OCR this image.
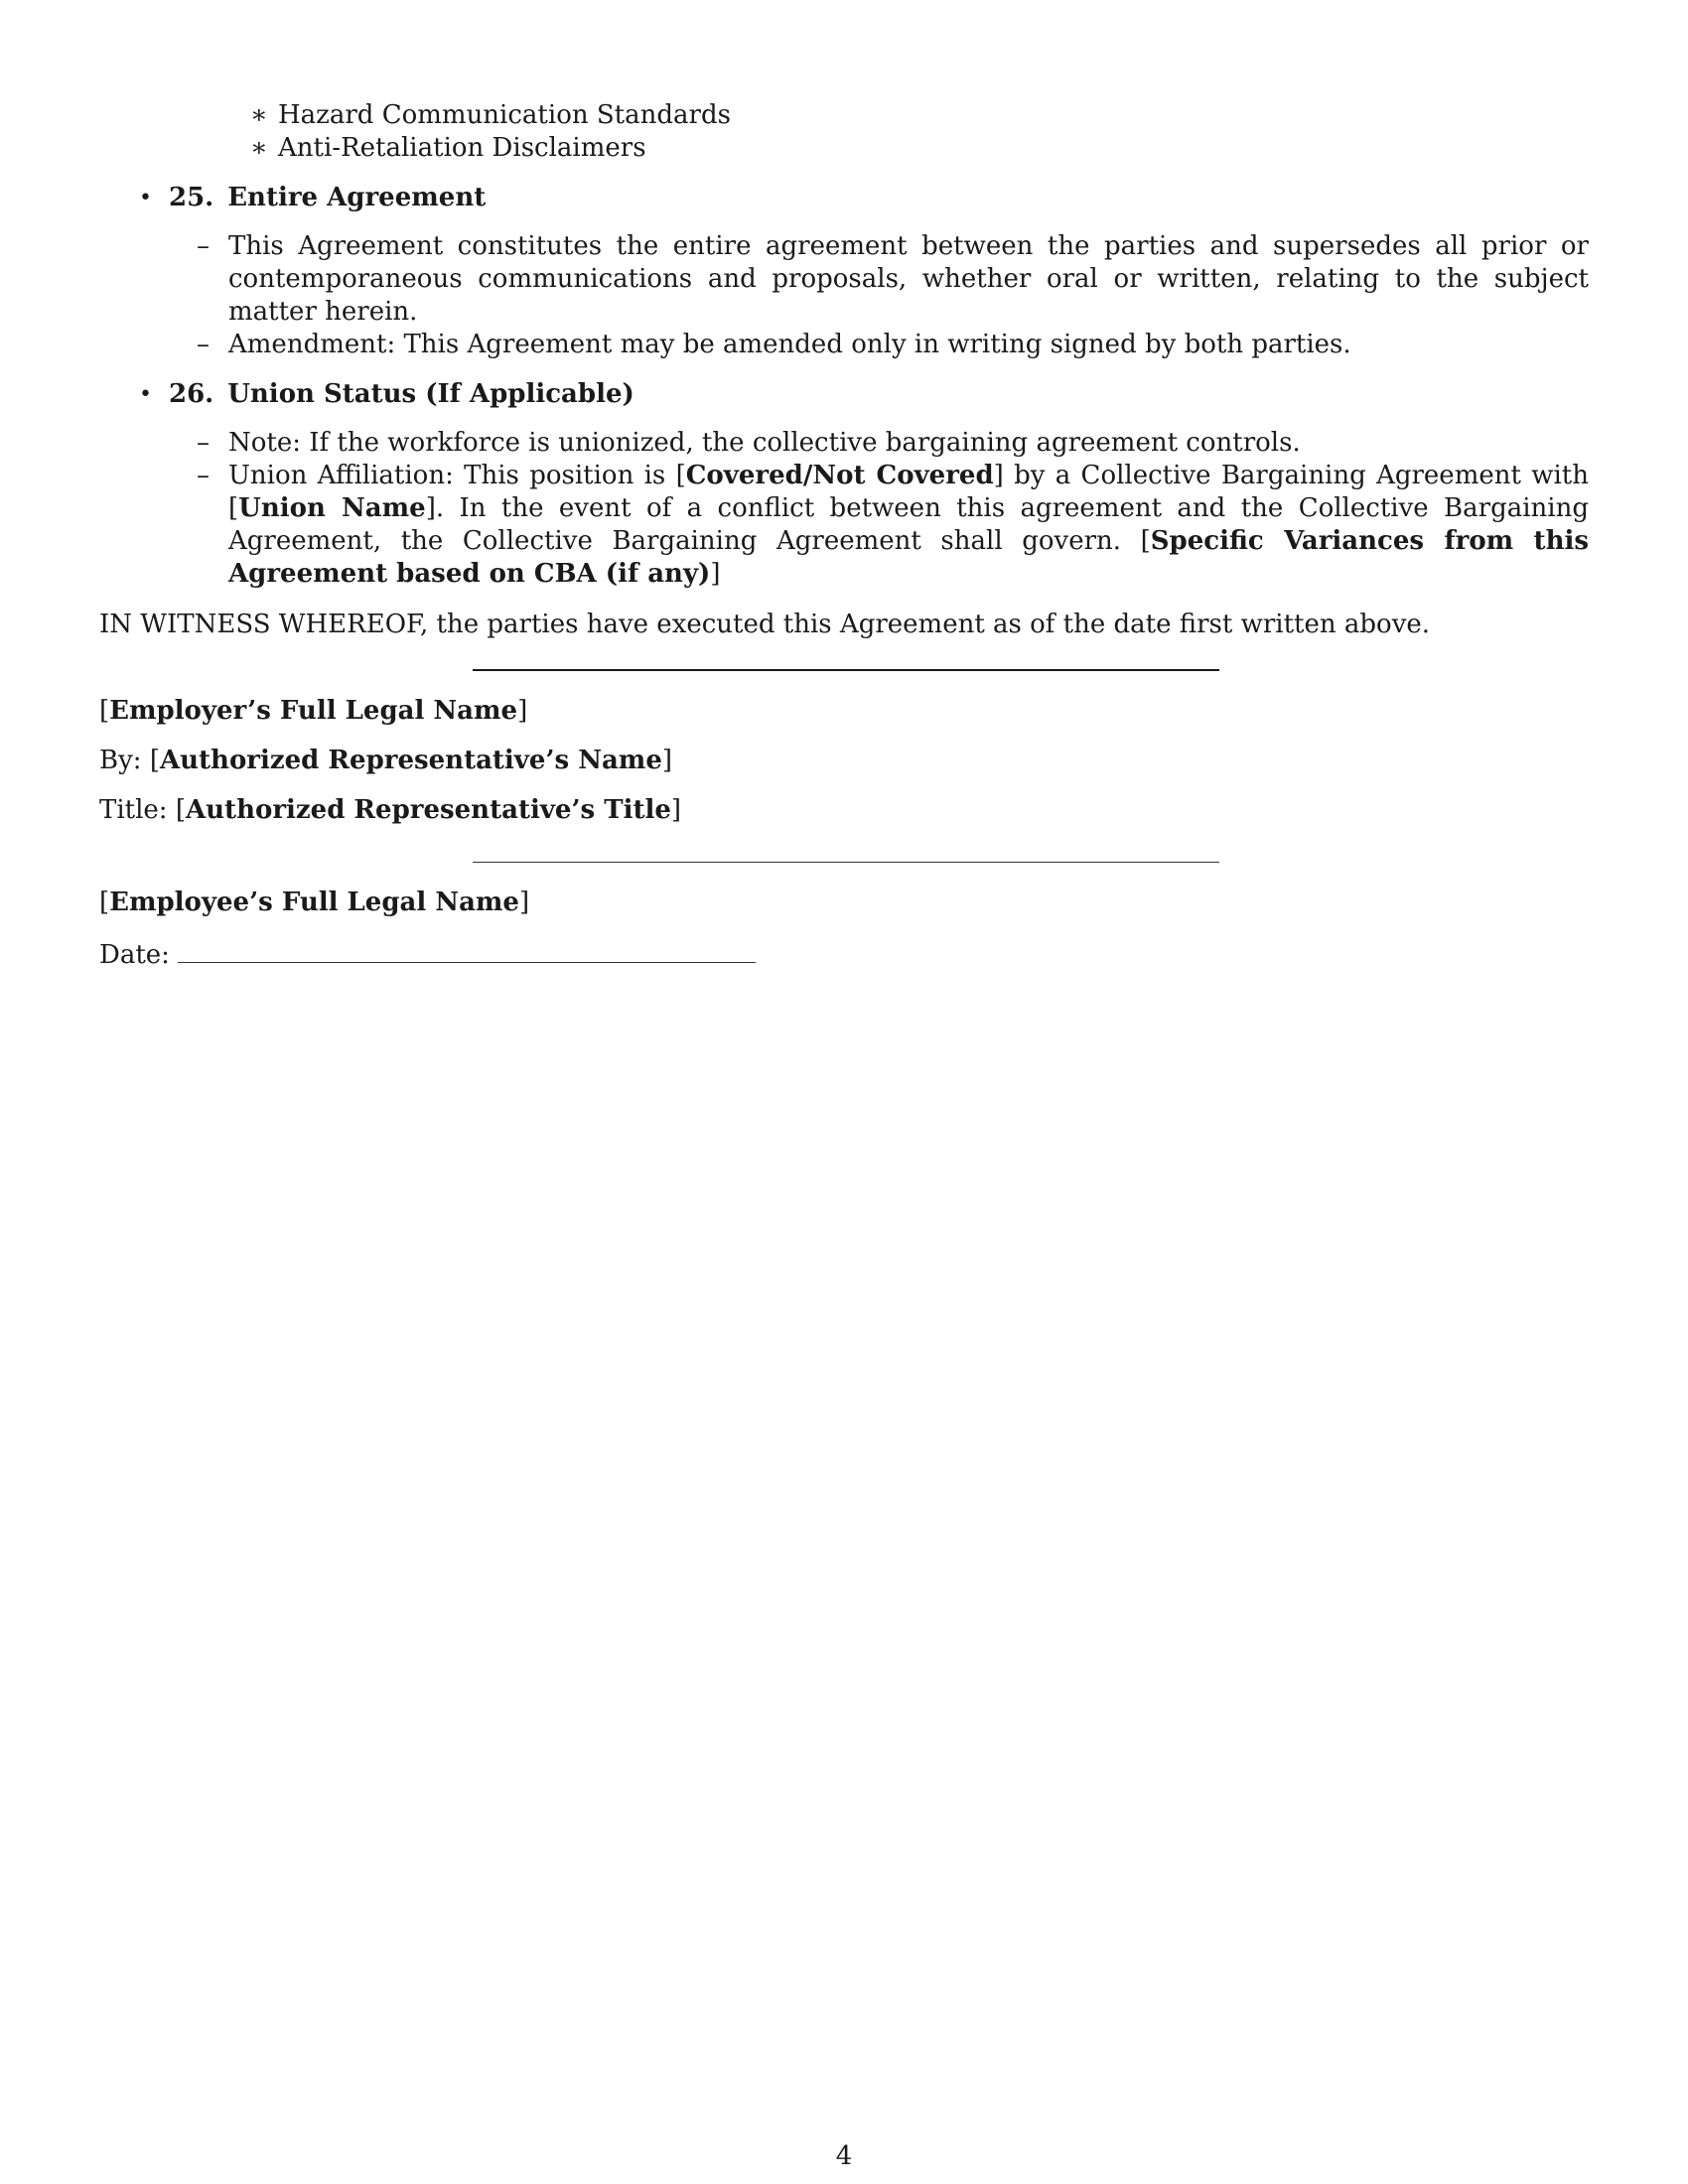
∗ Hazard Communication Standards
∗ Anti-Retaliation Disclaimers
• 25. Entire Agreement
– This Agreement constitutes the entire agreement between the parties and supersedes all prior or contemporaneous communications and proposals, whether oral or written, relating to the subject matter herein.
– Amendment: This Agreement may be amended only in writing signed by both parties.
• 26. Union Status (If Applicable)
– Note: If the workforce is unionized, the collective bargaining agreement controls.
– Union Affiliation: This position is [Covered/Not Covered] by a Collective Bargaining Agreement with [Union Name]. In the event of a conflict between this agreement and the Collective Bargaining Agreement, the Collective Bargaining Agreement shall govern. [Specific Variances from this Agreement based on CBA (if any)]
IN WITNESS WHEREOF, the parties have executed this Agreement as of the date first written above.
[Employer’s Full Legal Name]
By: [Authorized Representative’s Name]
Title: [Authorized Representative’s Title]
[Employee’s Full Legal Name]
Date:
4
